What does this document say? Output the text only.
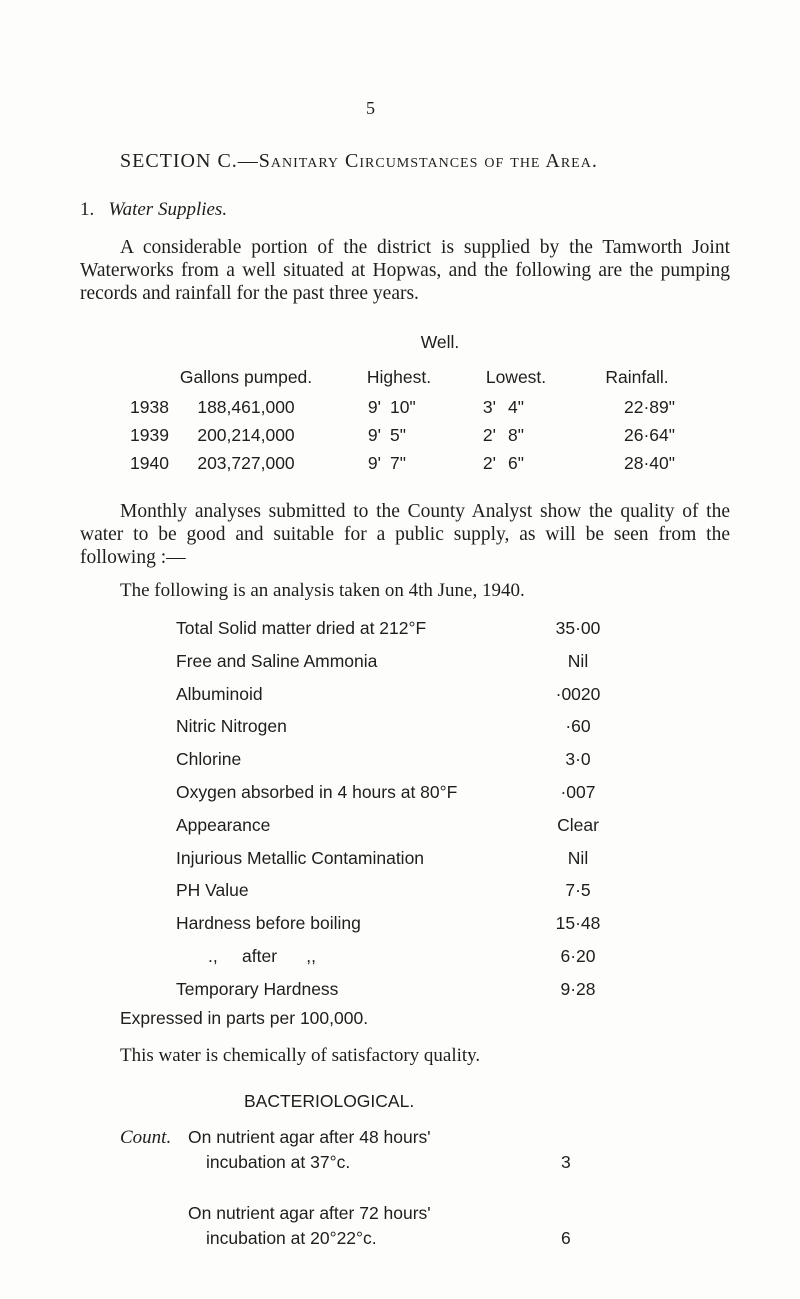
5
SECTION C.—Sanitary Circumstances of the Area.
1. Water Supplies.

A considerable portion of the district is supplied by the Tamworth Joint Waterworks from a well situated at Hopwas, and the following are the pumping records and rainfall for the past three years.

Well.
Gallons pumped.	Highest.	Lowest.	Rainfall.
1938 188,461,000	9' 10"	3' 4"	22·89"
1939 200,214,000	9' 5"	2' 8"	26·64"
1940 203,727,000	9' 7"	2' 6"	28·40"

Monthly analyses submitted to the County Analyst show the quality of the water to be good and suitable for a public supply, as will be seen from the following :—

The following is an analysis taken on 4th June, 1940.
Total Solid matter dried at 212°F	35·00
Free and Saline Ammonia	Nil
Albuminoid	·0020
Nitric Nitrogen	·60
Chlorine	3·0
Oxygen absorbed in 4 hours at 80°F	·007
Appearance	Clear
Injurious Metallic Contamination	Nil
PH Value	7·5
Hardness before boiling	15·48
.,     after      ,,	6·20
Temporary Hardness	9·28
Expressed in parts per 100,000.
This water is chemically of satisfactory quality.
BACTERIOLOGICAL.
Count. On nutrient agar after 48 hours'
incubation at 37°c.	3
On nutrient agar after 72 hours'
incubation at 20°22°c.	6
